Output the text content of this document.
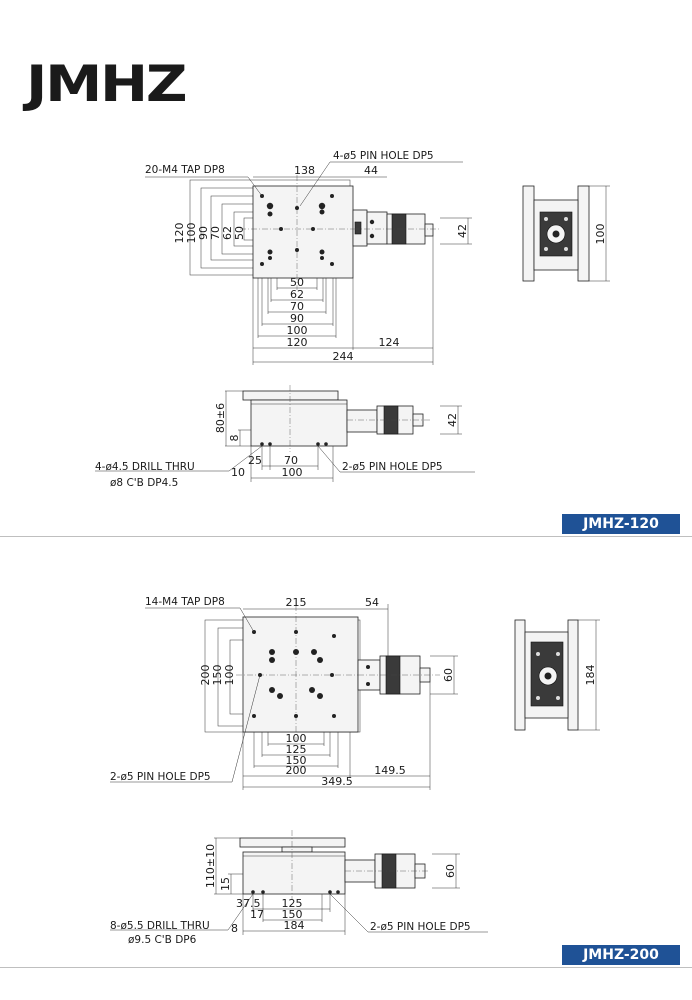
JMHZ
138	44
20-M4 TAP DP8
4-ø5 PIN HOLE DP5
120 100 90 70 62 50
50
62
70
90
100
120	124
244
42	100
80±6
8
42
70
25
100
10
4-ø4.5 DRILL THRU
ø8 C'B DP4.5
2-ø5 PIN HOLE DP5
215	54
14-M4 TAP DP8
200 150 100
100
125
150
200	149.5
349.5
60
2-ø5 PIN HOLE DP5
184
110±10 15
60
125
37.5
150
17
184
8
8-ø5.5 DRILL THRU
ø9.5 C'B DP6
2-ø5 PIN HOLE DP5
JMHZ-120
JMHZ-200
